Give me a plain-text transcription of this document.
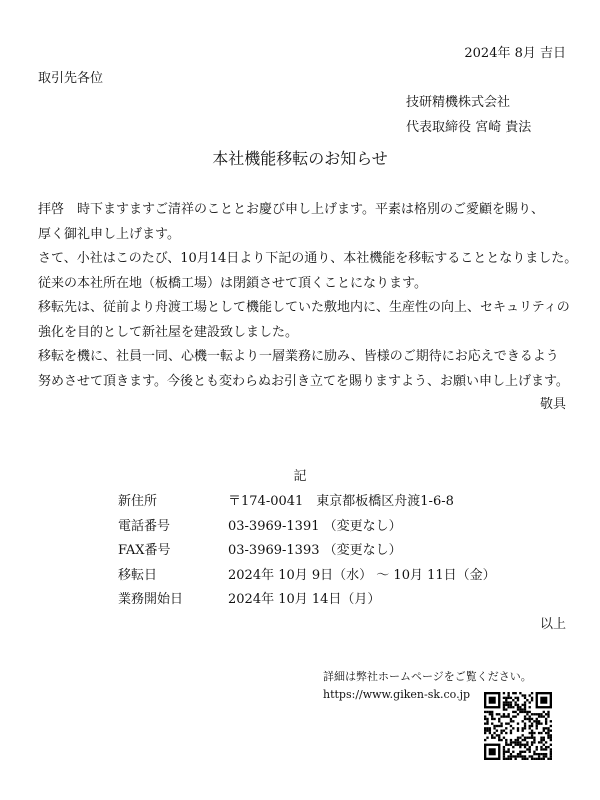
2024年 8月 吉日
取引先各位
技研精機株式会社
代表取締役 宮崎 貴法
本社機能移転のお知らせ

拝啓　時下ますますご清祥のこととお慶び申し上げます。平素は格別のご愛顧を賜り、

厚く御礼申し上げます。

さて、小社はこのたび、10月14日より下記の通り、本社機能を移転することとなりました。

従来の本社所在地（板橋工場）は閉鎖させて頂くことになります。

移転先は、従前より舟渡工場として機能していた敷地内に、生産性の向上、セキュリティの

強化を目的として新社屋を建設致しました。

移転を機に、社員一同、心機一転より一層業務に励み、皆様のご期待にお応えできるよう

努めさせて頂きます。今後とも変わらぬお引き立てを賜りますよう、お願い申し上げます。

敬具
記
新住所	〒174-0041　東京都板橋区舟渡1-6-8
電話番号	03-3969-1391 （変更なし）
FAX番号	03-3969-1393 （変更なし）
移転日	2024年 10月 9日（水） 〜 10月 11日（金）
業務開始日	2024年 10月 14日（月）
以上
詳細は弊社ホームページをご覧ください。
https://www.giken-sk.co.jp
